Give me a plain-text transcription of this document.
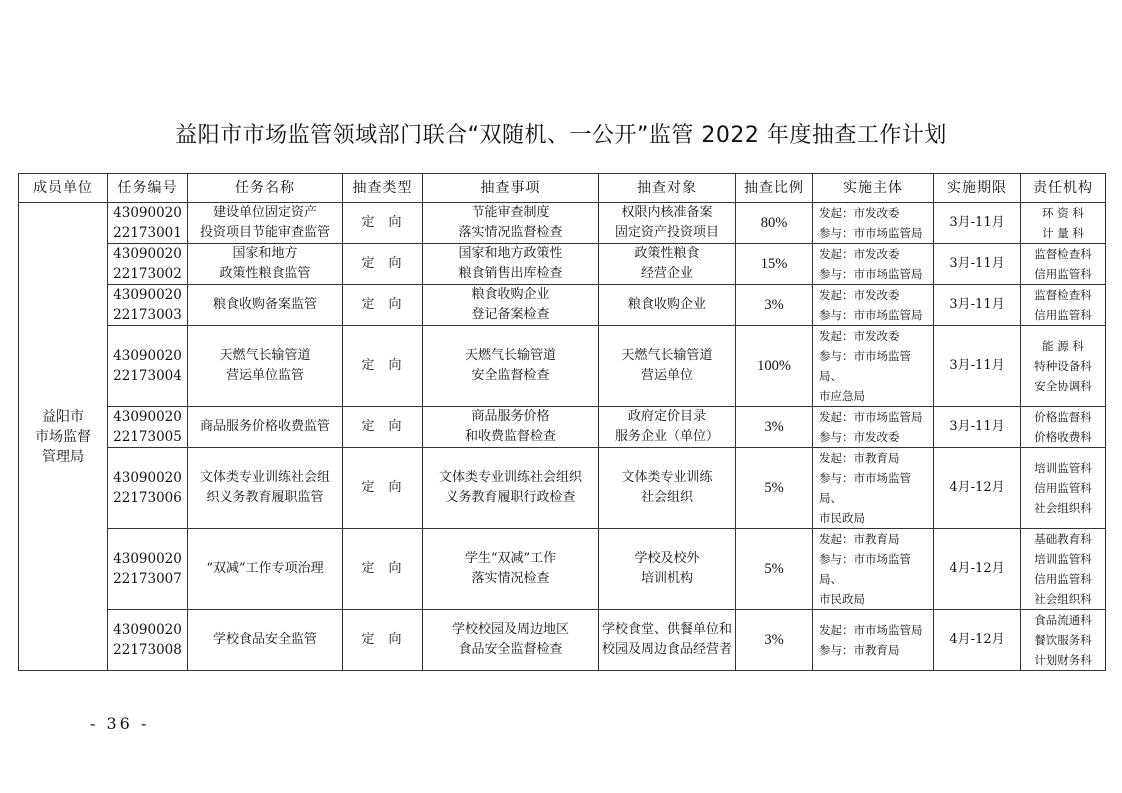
益阳市市场监管领域部门联合“双随机、一公开”监管 2022 年度抽查工作计划
成员单位	任务编号	任务名称	抽查类型	抽查事项	抽查对象	抽查比例	实施主体	实施期限	责任机构

益阳市
市场监督
管理局	43090020
22173001	建设单位固定资产
投资项目节能审查监管	定向	节能审查制度
落实情况监督检查	权限内核准备案
固定资产投资项目	80%	发起：市发改委
参与：市市场监管局	3月-11月	环 资 科
计 量 科

	43090020
22173002	国家和地方
政策性粮食监管	定向	国家和地方政策性
粮食销售出库检查	政策性粮食
经营企业	15%	发起：市发改委
参与：市市场监管局	3月-11月	监督检查科
信用监管科

	43090020
22173003	粮食收购备案监管	定向	粮食收购企业
登记备案检查	粮食收购企业	3%	发起：市发改委
参与：市市场监管局	3月-11月	监督检查科
信用监管科

	43090020
22173004	天燃气长输管道
营运单位监管	定向	天燃气长输管道
安全监督检查	天燃气长输管道
营运单位	100%	发起：市发改委
参与：市市场监管局、
市应急局	3月-11月	能 源 科
特种设备科
安全协调科

	43090020
22173005	商品服务价格收费监管	定向	商品服务价格
和收费监督检查	政府定价目录
服务企业（单位）	3%	发起：市市场监管局
参与：市发改委	3月-11月	价格监督科
价格收费科

	43090020
22173006	文体类专业训练社会组
织义务教育履职监管	定向	文体类专业训练社会组织
义务教育履职行政检查	文体类专业训练
社会组织	5%	发起：市教育局
参与：市市场监管局、
市民政局	4月-12月	培训监管科
信用监管科
社会组织科

	43090020
22173007	“双减”工作专项治理	定向	学生“双减”工作
落实情况检查	学校及校外
培训机构	5%	发起：市教育局
参与：市市场监管局、
市民政局	4月-12月	基础教育科
培训监管科
信用监管科
社会组织科

	43090020
22173008	学校食品安全监管	定向	学校校园及周边地区
食品安全监督检查	学校食堂、供餐单位和
校园及周边食品经营者	3%	发起：市市场监管局
参与：市教育局	4月-12月	食品流通科
餐饮服务科
计划财务科
- 36 -
